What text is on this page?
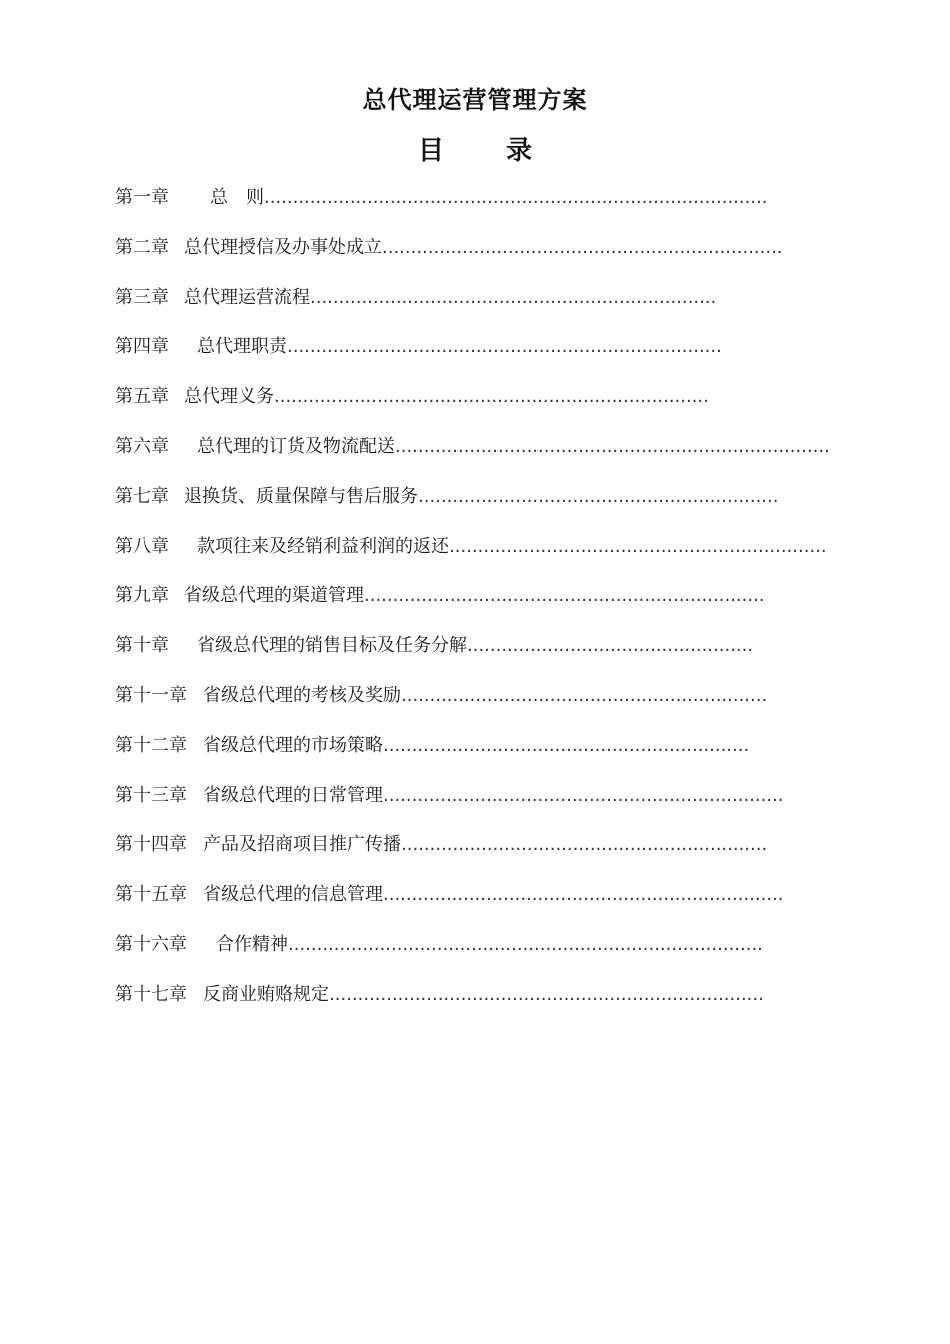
总代理运营管理方案
目 录
第一章 总　则........................................................................................
第二章 总代理授信及办事处成立......................................................................
第三章 总代理运营流程.......................................................................
第四章 总代理职责............................................................................
第五章 总代理义务............................................................................
第六章 总代理的订货及物流配送............................................................................
第七章 退换货、质量保障与售后服务...............................................................
第八章 款项往来及经销利益利润的返还..................................................................
第九章 省级总代理的渠道管理......................................................................
第十章 省级总代理的销售目标及任务分解..................................................
第十一章 省级总代理的考核及奖励................................................................
第十二章 省级总代理的市场策略................................................................
第十三章 省级总代理的日常管理......................................................................
第十四章 产品及招商项目推广传播................................................................
第十五章 省级总代理的信息管理......................................................................
第十六章 合作精神...................................................................................
第十七章 反商业贿赂规定............................................................................
